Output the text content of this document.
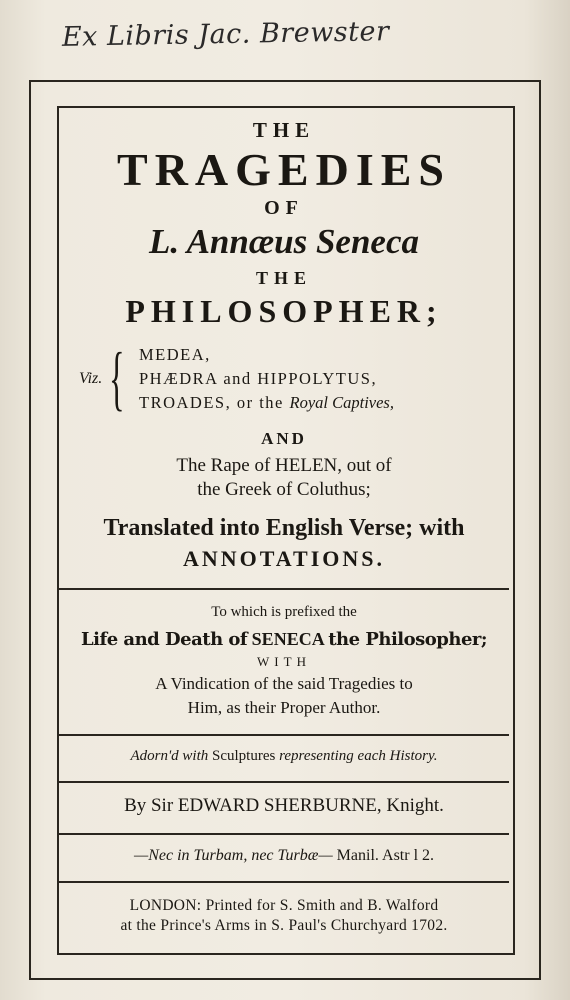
Ex Libris Jac. Brewster
THE
TRAGEDIES
OF
L. Annæus Seneca
THE
PHILOSOPHER;
Viz. { MEDEA,
PHÆDRA and HIPPOLYTUS,
TROADES, or the Royal Captives,
AND
The Rape of HELEN, out of
the Greek of Coluthus;
Translated into English Verse; with
ANNOTATIONS.
To which is prefixed the
Life and Death of SENECA the Philosopher;
WITH
A Vindication of the said Tragedies to
Him, as their Proper Author.
Adorn'd with Sculptures representing each History.
By Sir EDWARD SHERBURNE, Knight.
—Nec in Turbam, nec Turbæ— Manil. Astr l 2.
LONDON: Printed for S. Smith and B. Walford
at the Prince's Arms in S. Paul's Churchyard 1702.
